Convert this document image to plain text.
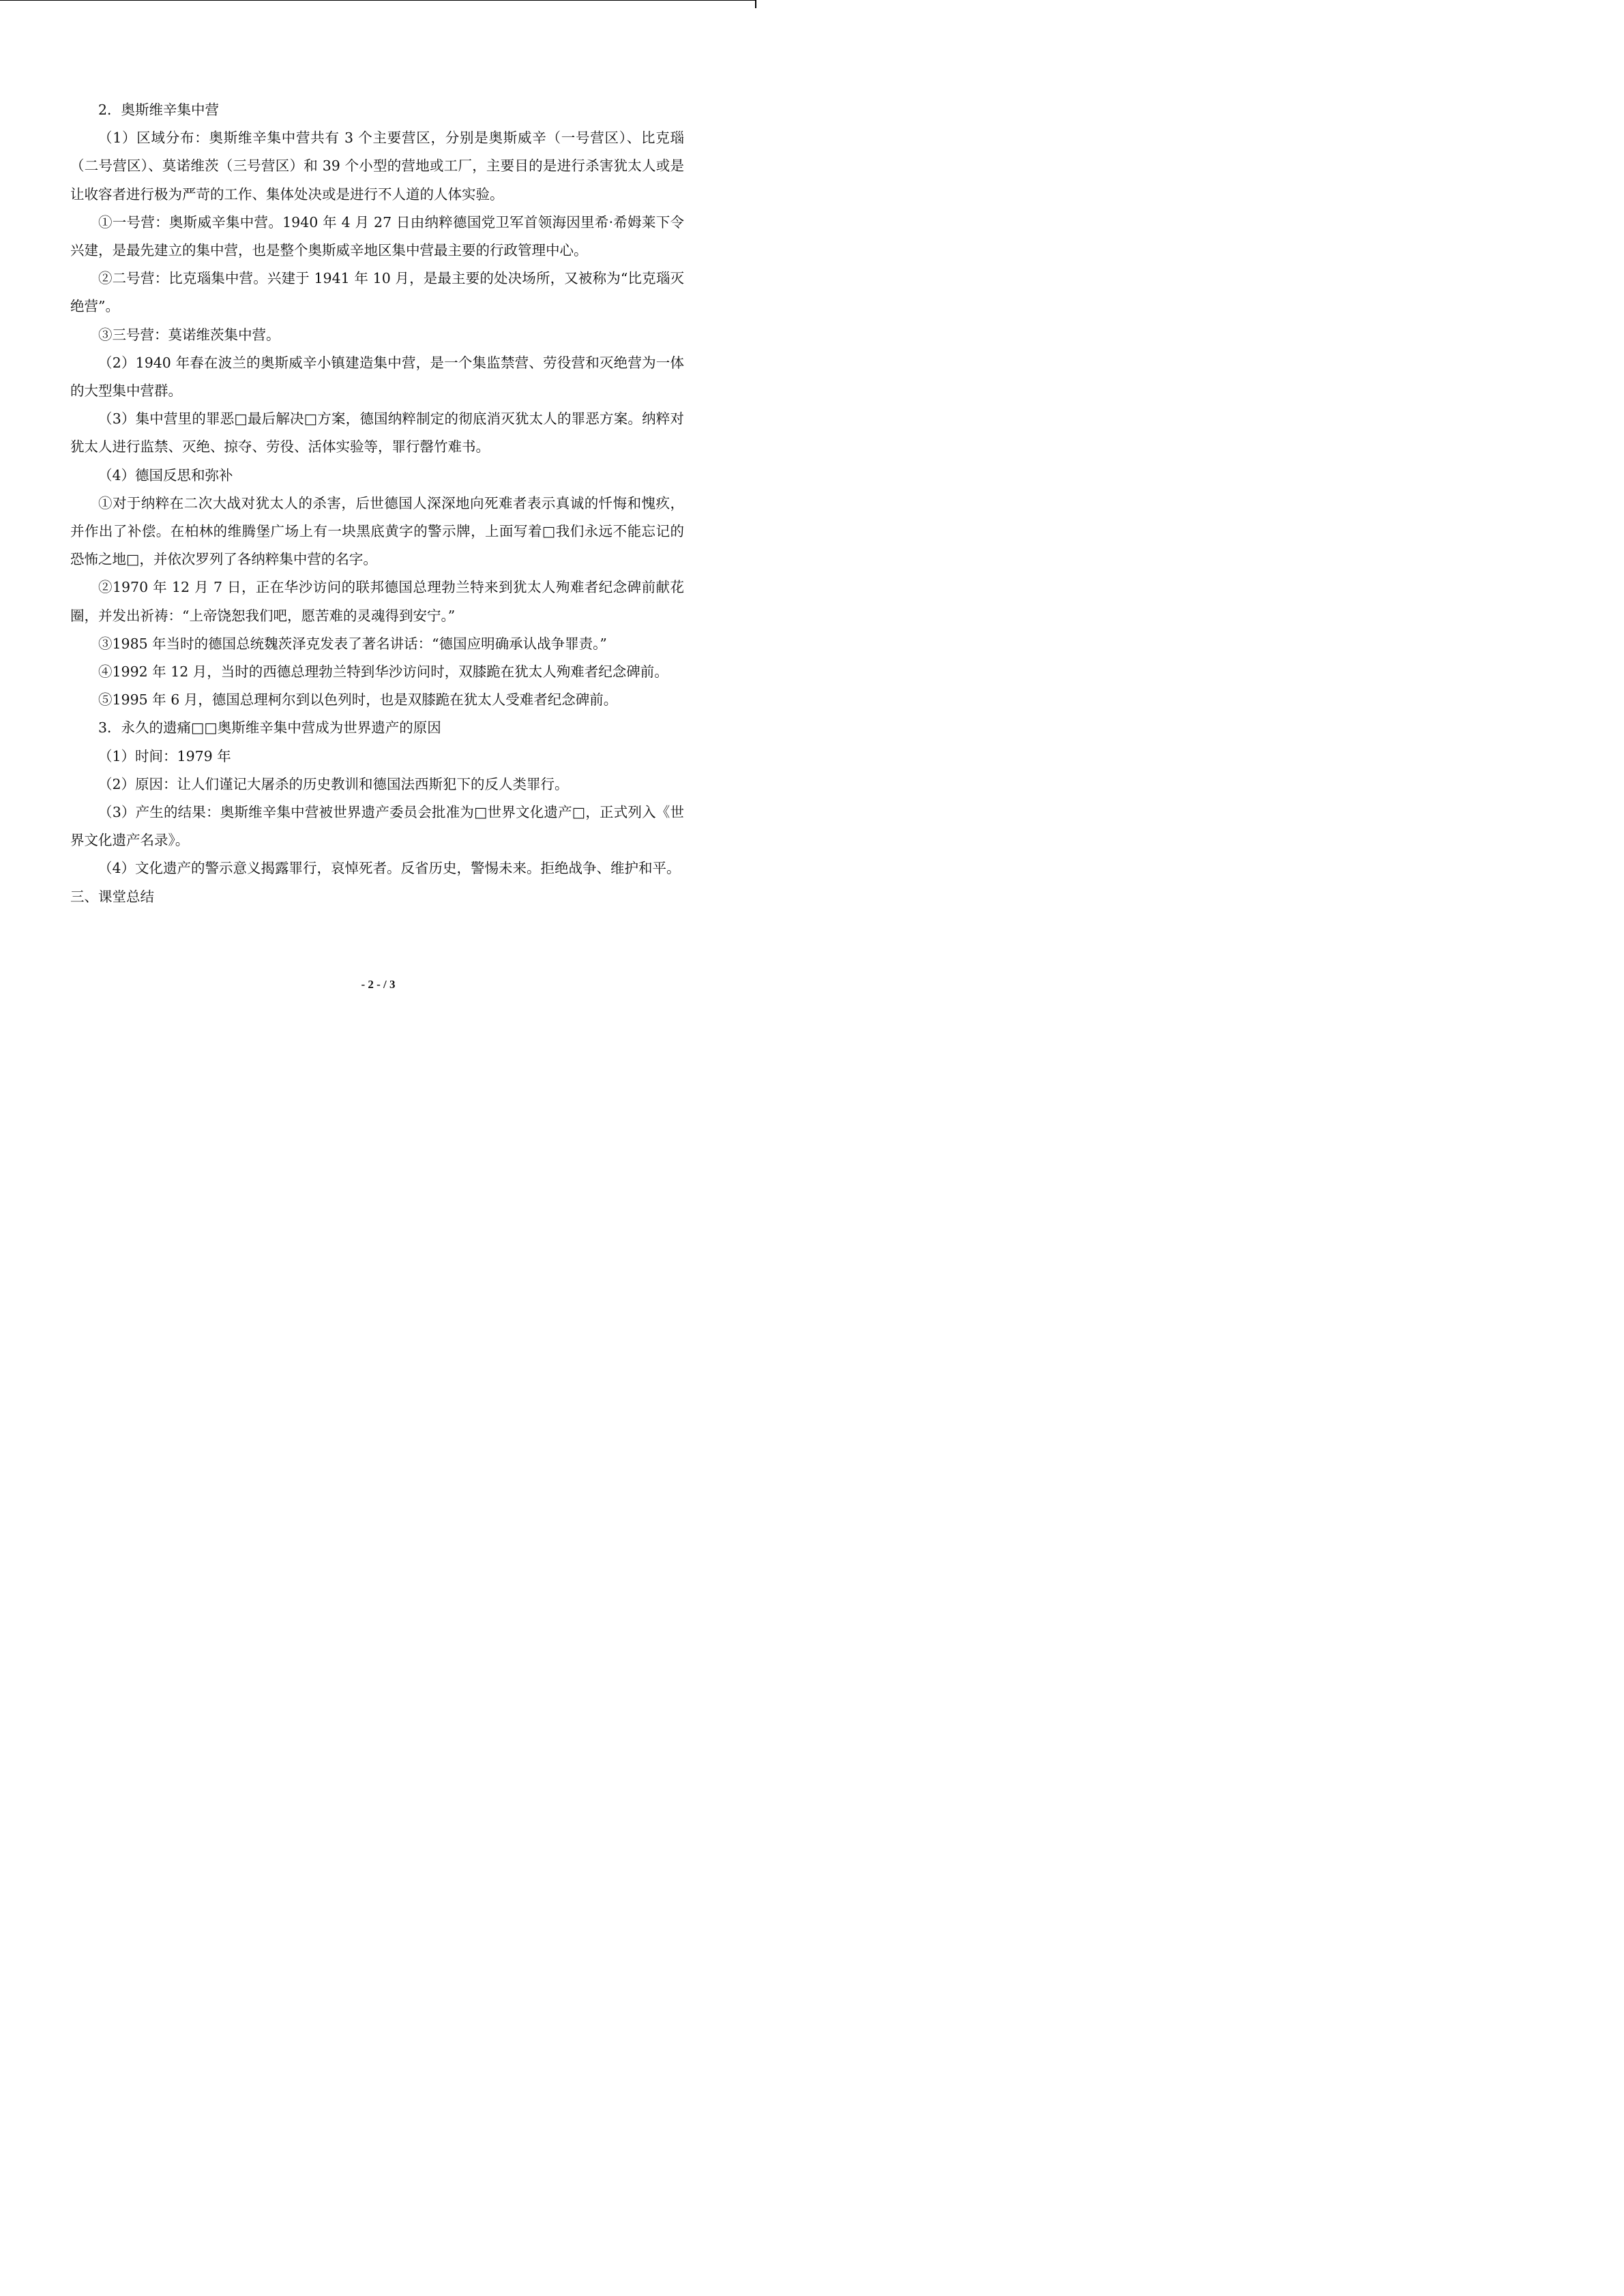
2．奥斯维辛集中营

（1）区域分布：奥斯维辛集中营共有 3 个主要营区，分别是奥斯威辛（一号营区）、比克瑙（二号营区）、莫诺维茨（三号营区）和 39 个小型的营地或工厂，主要目的是进行杀害犹太人或是让收容者进行极为严苛的工作、集体处决或是进行不人道的人体实验。

①一号营：奥斯威辛集中营。1940 年 4 月 27 日由纳粹德国党卫军首领海因里希·希姆莱下令兴建，是最先建立的集中营，也是整个奥斯威辛地区集中营最主要的行政管理中心。

②二号营：比克瑙集中营。兴建于 1941 年 10 月，是最主要的处决场所，又被称为“比克瑙灭绝营”。

③三号营：莫诺维茨集中营。

（2）1940 年春在波兰的奥斯威辛小镇建造集中营，是一个集监禁营、劳役营和灭绝营为一体的大型集中营群。

（3）集中营里的罪恶□最后解决□方案，德国纳粹制定的彻底消灭犹太人的罪恶方案。纳粹对犹太人进行监禁、灭绝、掠夺、劳役、活体实验等，罪行罄竹难书。

（4）德国反思和弥补

①对于纳粹在二次大战对犹太人的杀害，后世德国人深深地向死难者表示真诚的忏悔和愧疚，并作出了补偿。在柏林的维腾堡广场上有一块黑底黄字的警示牌，上面写着□我们永远不能忘记的恐怖之地□，并依次罗列了各纳粹集中营的名字。

②1970 年 12 月 7 日，正在华沙访问的联邦德国总理勃兰特来到犹太人殉难者纪念碑前献花圈，并发出祈祷：“上帝饶恕我们吧，愿苦难的灵魂得到安宁。”

③1985 年当时的德国总统魏茨泽克发表了著名讲话：“德国应明确承认战争罪责。”

④1992 年 12 月，当时的西德总理勃兰特到华沙访问时，双膝跪在犹太人殉难者纪念碑前。

⑤1995 年 6 月，德国总理柯尔到以色列时，也是双膝跪在犹太人受难者纪念碑前。

3．永久的遗痛□□奥斯维辛集中营成为世界遗产的原因

（1）时间：1979 年

（2）原因：让人们谨记大屠杀的历史教训和德国法西斯犯下的反人类罪行。

（3）产生的结果：奥斯维辛集中营被世界遗产委员会批准为□世界文化遗产□，正式列入《世界文化遗产名录》。

（4）文化遗产的警示意义揭露罪行，哀悼死者。反省历史，警惕未来。拒绝战争、维护和平。

三、课堂总结

- 2 - / 3
